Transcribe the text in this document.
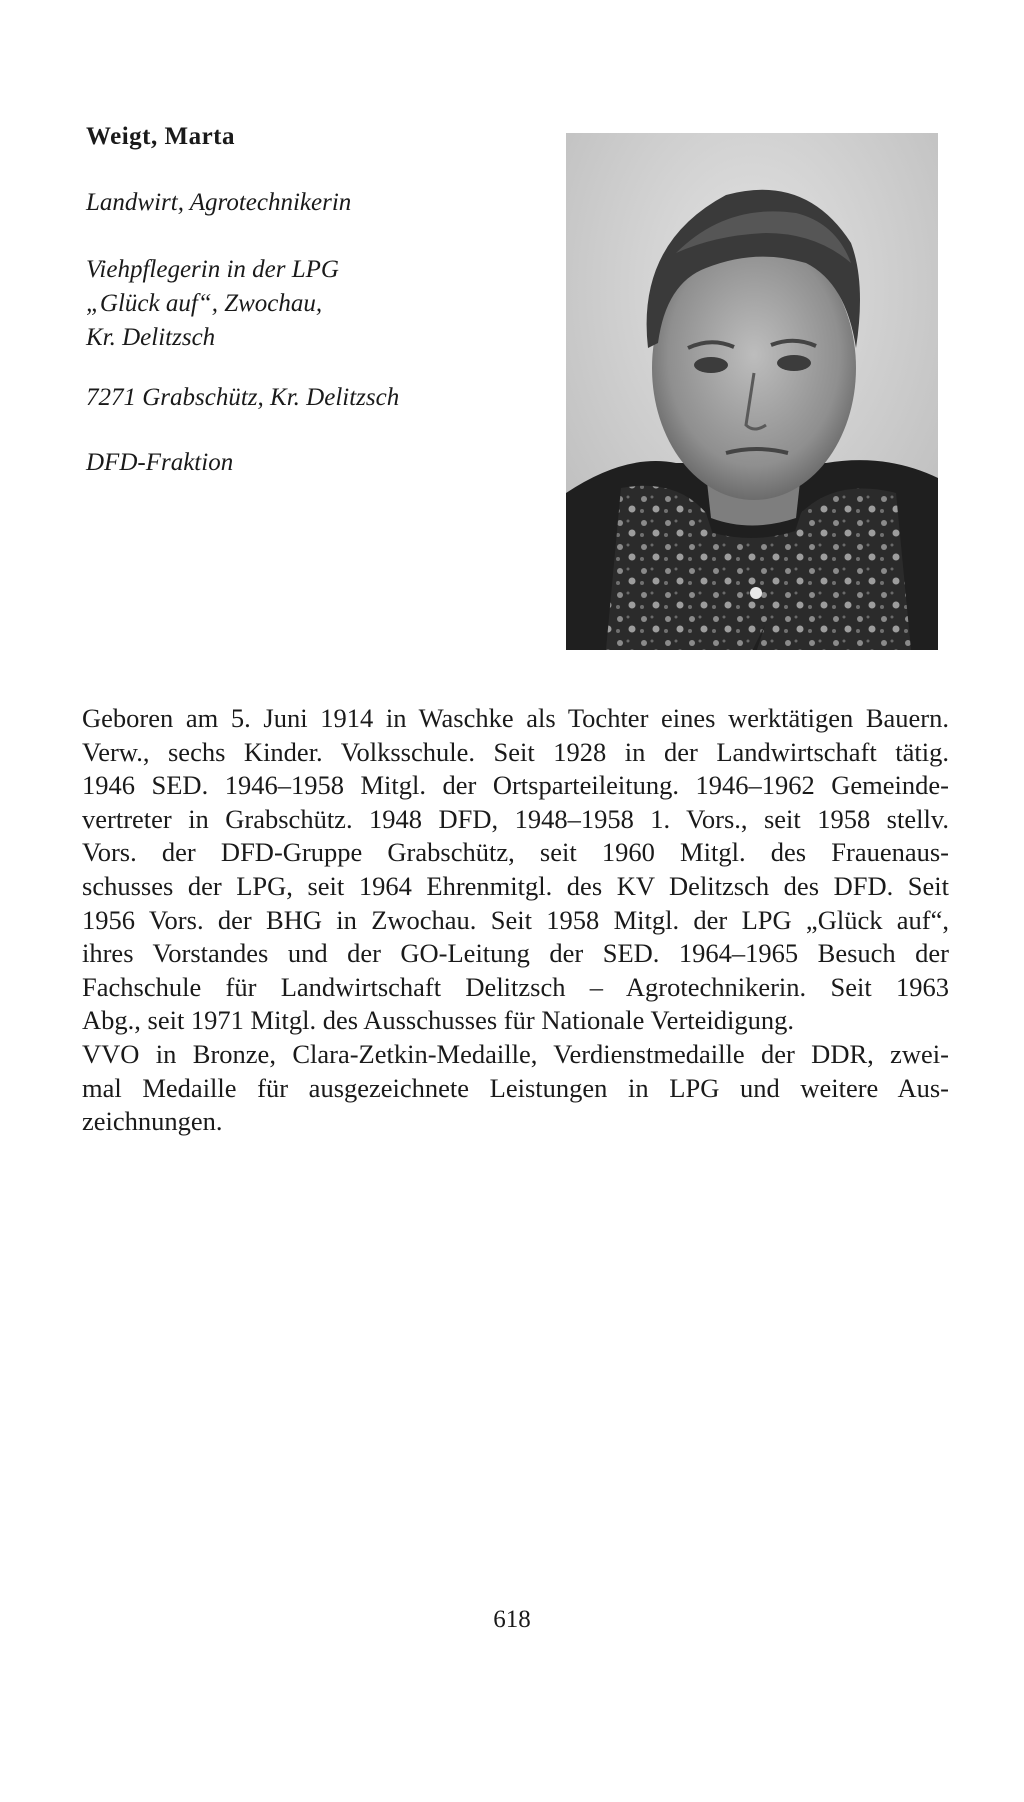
Weigt, Marta
Landwirt, Agrotechnikerin
Viehpflegerin in der LPG
„Glück auf“, Zwochau,
Kr. Delitzsch
7271 Grabschütz, Kr. Delitzsch
DFD-Fraktion

Geboren am 5. Juni 1914 in Waschke als Tochter eines werktätigen Bauern.
Verw., sechs Kinder. Volksschule. Seit 1928 in der Landwirtschaft tätig.
1946 SED. 1946–1958 Mitgl. der Ortsparteileitung. 1946–1962 Gemeinde-
vertreter in Grabschütz. 1948 DFD, 1948–1958 1. Vors., seit 1958 stellv.
Vors. der DFD-Gruppe Grabschütz, seit 1960 Mitgl. des Frauenaus-
schusses der LPG, seit 1964 Ehrenmitgl. des KV Delitzsch des DFD. Seit
1956 Vors. der BHG in Zwochau. Seit 1958 Mitgl. der LPG „Glück auf“,
ihres Vorstandes und der GO-Leitung der SED. 1964–1965 Besuch der
Fachschule für Landwirtschaft Delitzsch – Agrotechnikerin. Seit 1963
Abg., seit 1971 Mitgl. des Ausschusses für Nationale Verteidigung.

VVO in Bronze, Clara-Zetkin-Medaille, Verdienstmedaille der DDR, zwei-
mal Medaille für ausgezeichnete Leistungen in LPG und weitere Aus-
zeichnungen.

618
